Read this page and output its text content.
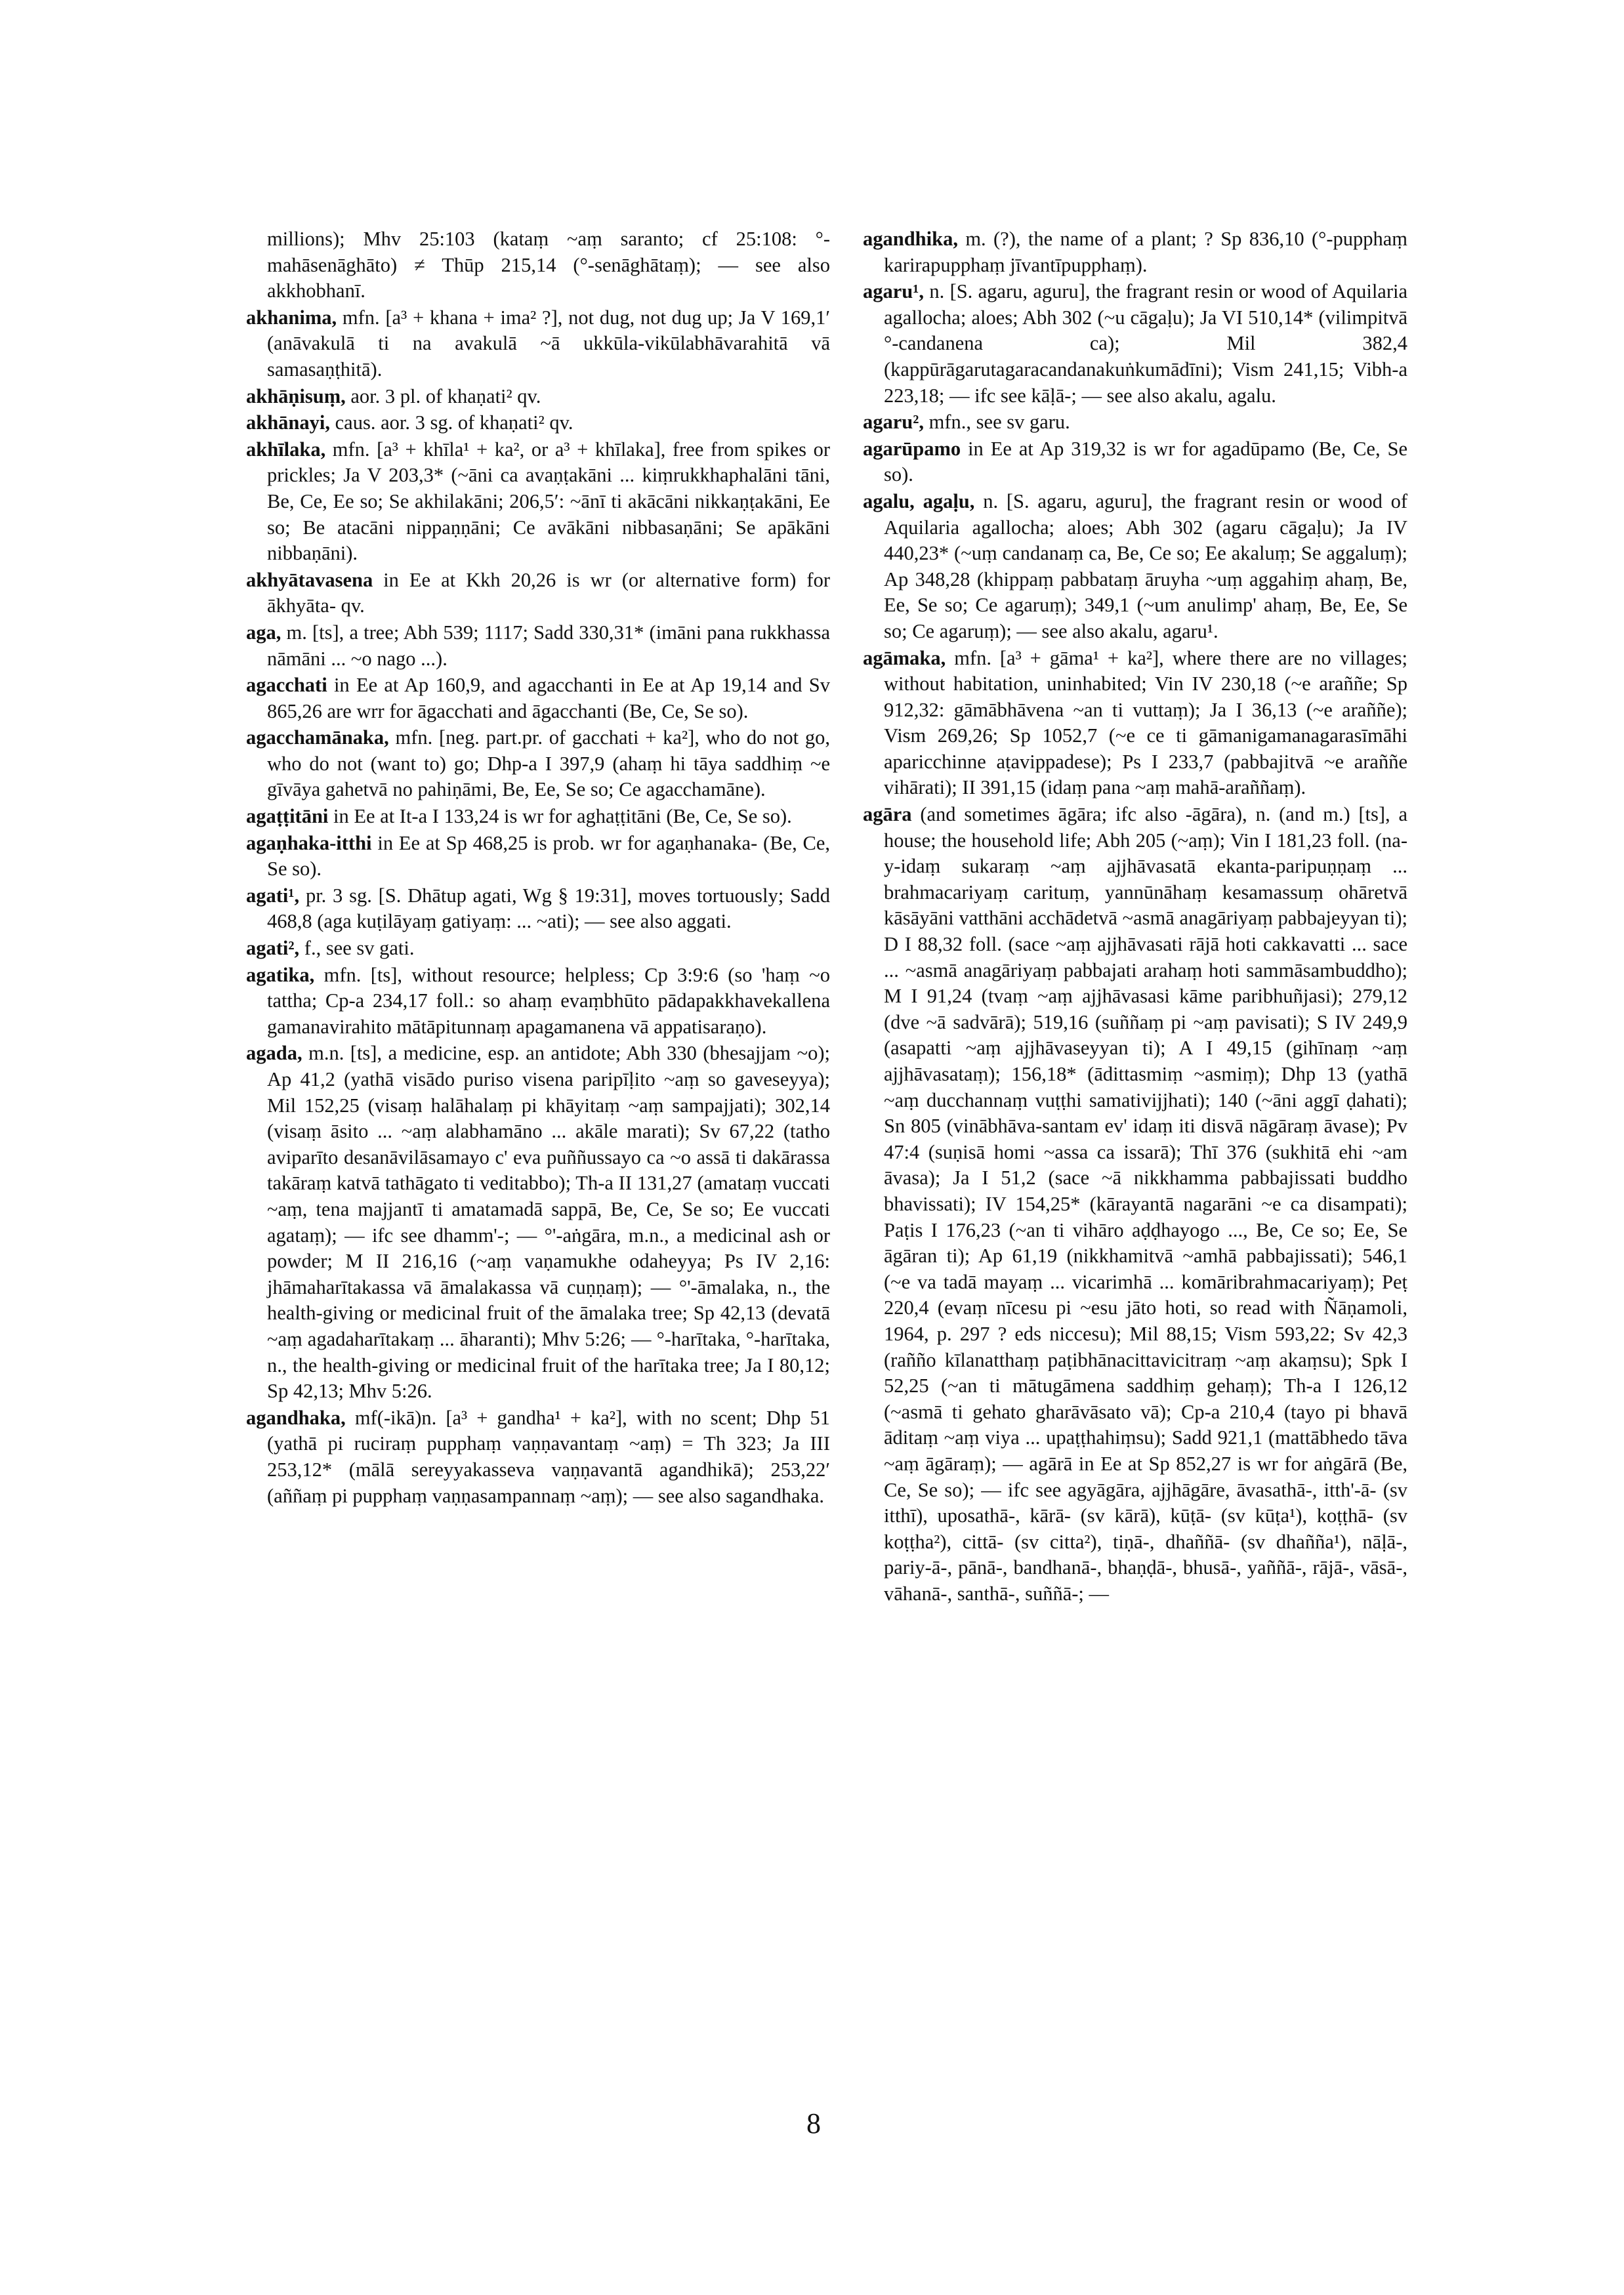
millions); Mhv 25:103 (kataṃ ~aṃ saranto; cf 25:108: °-mahāsenāghāto) ≠ Thūp 215,14 (°-senāghātaṃ); — see also akkhobhanī.

akhanima, mfn. [a³ + khana + ima² ?], not dug, not dug up; Ja V 169,1′ (anāvakulā ti na avakulā ~ā ukkūla-vikūlabhāvarahitā vā samasaṇṭhitā).

akhāṇisuṃ, aor. 3 pl. of khaṇati² qv.

akhānayi, caus. aor. 3 sg. of khaṇati² qv.

akhīlaka, mfn. [a³ + khīla¹ + ka², or a³ + khīlaka], free from spikes or prickles; Ja V 203,3* (~āni ca avaṇṭakāni ... kiṃrukkhaphalāni tāni, Be, Ce, Ee so; Se akhilakāni; 206,5′: ~ānī ti akācāni nikkaṇṭakāni, Ee so; Be atacāni nippaṇṇāni; Ce avākāni nibbasaṇāni; Se apākāni nibbaṇāni).

akhyātavasena in Ee at Kkh 20,26 is wr (or alternative form) for ākhyāta- qv.

aga, m. [ts], a tree; Abh 539; 1117; Sadd 330,31* (imāni pana rukkhassa nāmāni ... ~o nago ...).

agacchati in Ee at Ap 160,9, and agacchanti in Ee at Ap 19,14 and Sv 865,26 are wrr for āgacchati and āgacchanti (Be, Ce, Se so).

agacchamānaka, mfn. [neg. part.pr. of gacchati + ka²], who do not go, who do not (want to) go; Dhp-a I 397,9 (ahaṃ hi tāya saddhiṃ ~e gīvāya gahetvā no pahiṇāmi, Be, Ee, Se so; Ce agacchamāne).

agaṭṭitāni in Ee at It-a I 133,24 is wr for aghaṭṭitāni (Be, Ce, Se so).

agaṇhaka-itthi in Ee at Sp 468,25 is prob. wr for agaṇhanaka- (Be, Ce, Se so).

agati¹, pr. 3 sg. [S. Dhātup agati, Wg § 19:31], moves tortuously; Sadd 468,8 (aga kuṭilāyaṃ gatiyaṃ: ... ~ati); — see also aggati.

agati², f., see sv gati.

agatika, mfn. [ts], without resource; helpless; Cp 3:9:6 (so 'haṃ ~o tattha; Cp-a 234,17 foll.: so ahaṃ evaṃbhūto pādapakkhavekallena gamanavirahito mātāpitunnaṃ apagamanena vā appatisaraṇo).

agada, m.n. [ts], a medicine, esp. an antidote; Abh 330 (bhesajjam ~o); Ap 41,2 (yathā visādo puriso visena paripīḷito ~aṃ so gaveseyya); Mil 152,25 (visaṃ halāhalaṃ pi khāyitaṃ ~aṃ sampajjati); 302,14 (visaṃ āsito ... ~aṃ alabhamāno ... akāle marati); Sv 67,22 (tatho aviparīto desanāvilāsamayo c' eva puññussayo ca ~o assā ti dakārassa takāraṃ katvā tathāgato ti veditabbo); Th-a II 131,27 (amataṃ vuccati ~aṃ, tena majjantī ti amatamadā sappā, Be, Ce, Se so; Ee vuccati agataṃ); — ifc see dhamm'-; — °'-aṅgāra, m.n., a medicinal ash or powder; M II 216,16 (~aṃ vaṇamukhe odaheyya; Ps IV 2,16: jhāmaharītakassa vā āmalakassa vā cuṇṇaṃ); — °'-āmalaka, n., the health-giving or medicinal fruit of the āmalaka tree; Sp 42,13 (devatā ~aṃ agadaharītakaṃ ... āharanti); Mhv 5:26; — °-harītaka, °-harītaka, n., the health-giving or medicinal fruit of the harītaka tree; Ja I 80,12; Sp 42,13; Mhv 5:26.

agandhaka, mf(-ikā)n. [a³ + gandha¹ + ka²], with no scent; Dhp 51 (yathā pi ruciraṃ pupphaṃ vaṇṇavantaṃ ~aṃ) = Th 323; Ja III 253,12* (mālā sereyyakasseva vaṇṇavantā agandhikā); 253,22′ (aññaṃ pi pupphaṃ vaṇṇasampannaṃ ~aṃ); — see also sagandhaka.

agandhika, m. (?), the name of a plant; ? Sp 836,10 (°-pupphaṃ karirapupphaṃ jīvantīpupphaṃ).

agaru¹, n. [S. agaru, aguru], the fragrant resin or wood of Aquilaria agallocha; aloes; Abh 302 (~u cāgaḷu); Ja VI 510,14* (vilimpitvā °-candanena ca); Mil 382,4 (kappūrāgarutagaracandanakuṅkumādīni); Vism 241,15; Vibh-a 223,18; — ifc see kāḷā-; — see also akalu, agalu.

agaru², mfn., see sv garu.

agarūpamo in Ee at Ap 319,32 is wr for agadūpamo (Be, Ce, Se so).

agalu, agaḷu, n. [S. agaru, aguru], the fragrant resin or wood of Aquilaria agallocha; aloes; Abh 302 (agaru cāgaḷu); Ja IV 440,23* (~uṃ candanaṃ ca, Be, Ce so; Ee akaluṃ; Se aggaluṃ); Ap 348,28 (khippaṃ pabbataṃ āruyha ~uṃ aggahiṃ ahaṃ, Be, Ee, Se so; Ce agaruṃ); 349,1 (~um anulimp' ahaṃ, Be, Ee, Se so; Ce agaruṃ); — see also akalu, agaru¹.

agāmaka, mfn. [a³ + gāma¹ + ka²], where there are no villages; without habitation, uninhabited; Vin IV 230,18 (~e araññe; Sp 912,32: gāmābhāvena ~an ti vuttaṃ); Ja I 36,13 (~e araññe); Vism 269,26; Sp 1052,7 (~e ce ti gāmanigamanagarasīmāhi aparicchinne aṭavippadese); Ps I 233,7 (pabbajitvā ~e araññe vihārati); II 391,15 (idaṃ pana ~aṃ mahā-araññaṃ).

agāra (and sometimes āgāra; ifc also -āgāra), n. (and m.) [ts], a house; the household life; Abh 205 (~aṃ); Vin I 181,23 foll. (na-y-idaṃ sukaraṃ ~aṃ ajjhāvasatā ekanta-paripuṇṇaṃ ... brahmacariyaṃ carituṃ, yannūnāhaṃ kesamassuṃ ohāretvā kāsāyāni vatthāni acchādetvā ~asmā anagāriyaṃ pabbajeyyan ti); D I 88,32 foll. (sace ~aṃ ajjhāvasati rājā hoti cakkavatti ... sace ... ~asmā anagāriyaṃ pabbajati arahaṃ hoti sammāsambuddho); M I 91,24 (tvaṃ ~aṃ ajjhāvasasi kāme paribhuñjasi); 279,12 (dve ~ā sadvārā); 519,16 (suññaṃ pi ~aṃ pavisati); S IV 249,9 (asapatti ~aṃ ajjhāvaseyyan ti); A I 49,15 (gihīnaṃ ~aṃ ajjhāvasataṃ); 156,18* (ādittasmiṃ ~asmiṃ); Dhp 13 (yathā ~aṃ ducchannaṃ vuṭṭhi samativijjhati); 140 (~āni aggī ḍahati); Sn 805 (vinābhāva-santam ev' idaṃ iti disvā nāgāraṃ āvase); Pv 47:4 (suṇisā homi ~assa ca issarā); Thī 376 (sukhitā ehi ~am āvasa); Ja I 51,2 (sace ~ā nikkhamma pabbajissati buddho bhavissati); IV 154,25* (kārayantā nagarāni ~e ca disampati); Paṭis I 176,23 (~an ti vihāro aḍḍhayogo ..., Be, Ce so; Ee, Se āgāran ti); Ap 61,19 (nikkhamitvā ~amhā pabbajissati); 546,1 (~e va tadā mayaṃ ... vicarimhā ... komāribrahmacariyaṃ); Peṭ 220,4 (evaṃ nīcesu pi ~esu jāto hoti, so read with Ñāṇamoli, 1964, p. 297 ? eds niccesu); Mil 88,15; Vism 593,22; Sv 42,3 (rañño kīlanatthaṃ paṭibhānacittavicitraṃ ~aṃ akaṃsu); Spk I 52,25 (~an ti mātugāmena saddhiṃ gehaṃ); Th-a I 126,12 (~asmā ti gehato gharāvāsato vā); Cp-a 210,4 (tayo pi bhavā āditaṃ ~aṃ viya ... upaṭṭhahiṃsu); Sadd 921,1 (mattābhedo tāva ~aṃ āgāraṃ); — agārā in Ee at Sp 852,27 is wr for aṅgārā (Be, Ce, Se so); — ifc see agyāgāra, ajjhāgāre, āvasathā-, itth'-ā- (sv itthī), uposathā-, kārā- (sv kārā), kūṭā- (sv kūṭa¹), koṭṭhā- (sv koṭṭha²), cittā- (sv citta²), tiṇā-, dhaññā- (sv dhañña¹), nāḷā-, pariy-ā-, pānā-, bandhanā-, bhaṇḍā-, bhusā-, yaññā-, rājā-, vāsā-, vāhanā-, santhā-, suññā-; —

8
